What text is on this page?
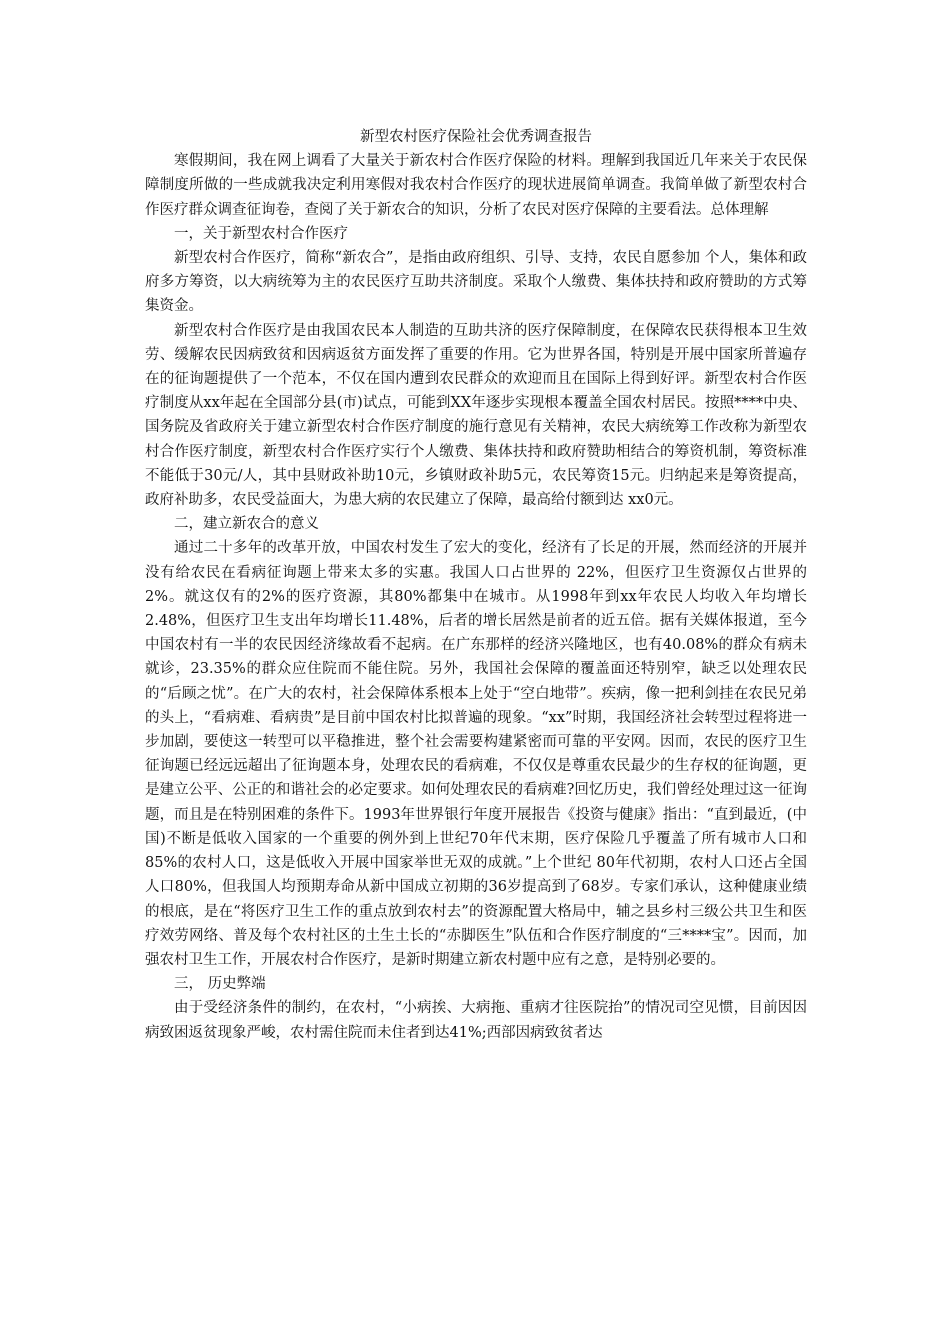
新型农村医疗保险社会优秀调查报告

寒假期间，我在网上调看了大量关于新农村合作医疗保险的材料。理解到我国近几年来关于农民保障制度所做的一些成就我决定利用寒假对我农村合作医疗的现状进展简单调查。我简单做了新型农村合作医疗群众调查征询卷，查阅了关于新农合的知识，分析了农民对医疗保障的主要看法。总体理解

一，关于新型农村合作医疗

新型农村合作医疗，简称“新农合”，是指由政府组织、引导、支持，农民自愿参加 个人，集体和政府多方筹资，以大病统筹为主的农民医疗互助共济制度。采取个人缴费、集体扶持和政府赞助的方式筹集资金。

新型农村合作医疗是由我国农民本人制造的互助共济的医疗保障制度，在保障农民获得根本卫生效劳、缓解农民因病致贫和因病返贫方面发挥了重要的作用。它为世界各国，特别是开展中国家所普遍存在的征询题提供了一个范本，不仅在国内遭到农民群众的欢迎而且在国际上得到好评。新型农村合作医疗制度从xx年起在全国部分县(市)试点，可能到XX年逐步实现根本覆盖全国农村居民。按照****中央、国务院及省政府关于建立新型农村合作医疗制度的施行意见有关精神，农民大病统筹工作改称为新型农村合作医疗制度，新型农村合作医疗实行个人缴费、集体扶持和政府赞助相结合的筹资机制，筹资标准不能低于30元/人，其中县财政补助10元，乡镇财政补助5元，农民筹资15元。归纳起来是筹资提高，政府补助多，农民受益面大，为患大病的农民建立了保障，最高给付额到达 xx0元。

二，建立新农合的意义

通过二十多年的改革开放，中国农村发生了宏大的变化，经济有了长足的开展，然而经济的开展并没有给农民在看病征询题上带来太多的实惠。我国人口占世界的 22%，但医疗卫生资源仅占世界的2%。就这仅有的2%的医疗资源，其80%都集中在城市。从1998年到xx年农民人均收入年均增长2.48%，但医疗卫生支出年均增长11.48%，后者的增长居然是前者的近五倍。据有关媒体报道，至今中国农村有一半的农民因经济缘故看不起病。在广东那样的经济兴隆地区，也有40.08%的群众有病未就诊，23.35%的群众应住院而不能住院。另外，我国社会保障的覆盖面还特别窄，缺乏以处理农民的“后顾之忧”。在广大的农村，社会保障体系根本上处于“空白地带”。疾病，像一把利剑挂在农民兄弟的头上，“看病难、看病贵”是目前中国农村比拟普遍的现象。“xx”时期，我国经济社会转型过程将进一步加剧，要使这一转型可以平稳推进，整个社会需要构建紧密而可靠的平安网。因而，农民的医疗卫生征询题已经远远超出了征询题本身，处理农民的看病难，不仅仅是尊重农民最少的生存权的征询题，更是建立公平、公正的和谐社会的必定要求。如何处理农民的看病难?回忆历史，我们曾经处理过这一征询题，而且是在特别困难的条件下。1993年世界银行年度开展报告《投资与健康》指出：“直到最近，(中国)不断是低收入国家的一个重要的例外到上世纪70年代末期，医疗保险几乎覆盖了所有城市人口和85%的农村人口，这是低收入开展中国家举世无双的成就。”上个世纪 80年代初期，农村人口还占全国人口80%，但我国人均预期寿命从新中国成立初期的36岁提高到了68岁。专家们承认，这种健康业绩的根底，是在“将医疗卫生工作的重点放到农村去”的资源配置大格局中，辅之县乡村三级公共卫生和医疗效劳网络、普及每个农村社区的土生土长的“赤脚医生”队伍和合作医疗制度的“三****宝”。因而，加强农村卫生工作，开展农村合作医疗，是新时期建立新农村题中应有之意，是特别必要的。

三， 历史弊端

由于受经济条件的制约，在农村，“小病挨、大病拖、重病才往医院抬”的情况司空见惯，目前因因病致困返贫现象严峻，农村需住院而未住者到达41%;西部因病致贫者达
